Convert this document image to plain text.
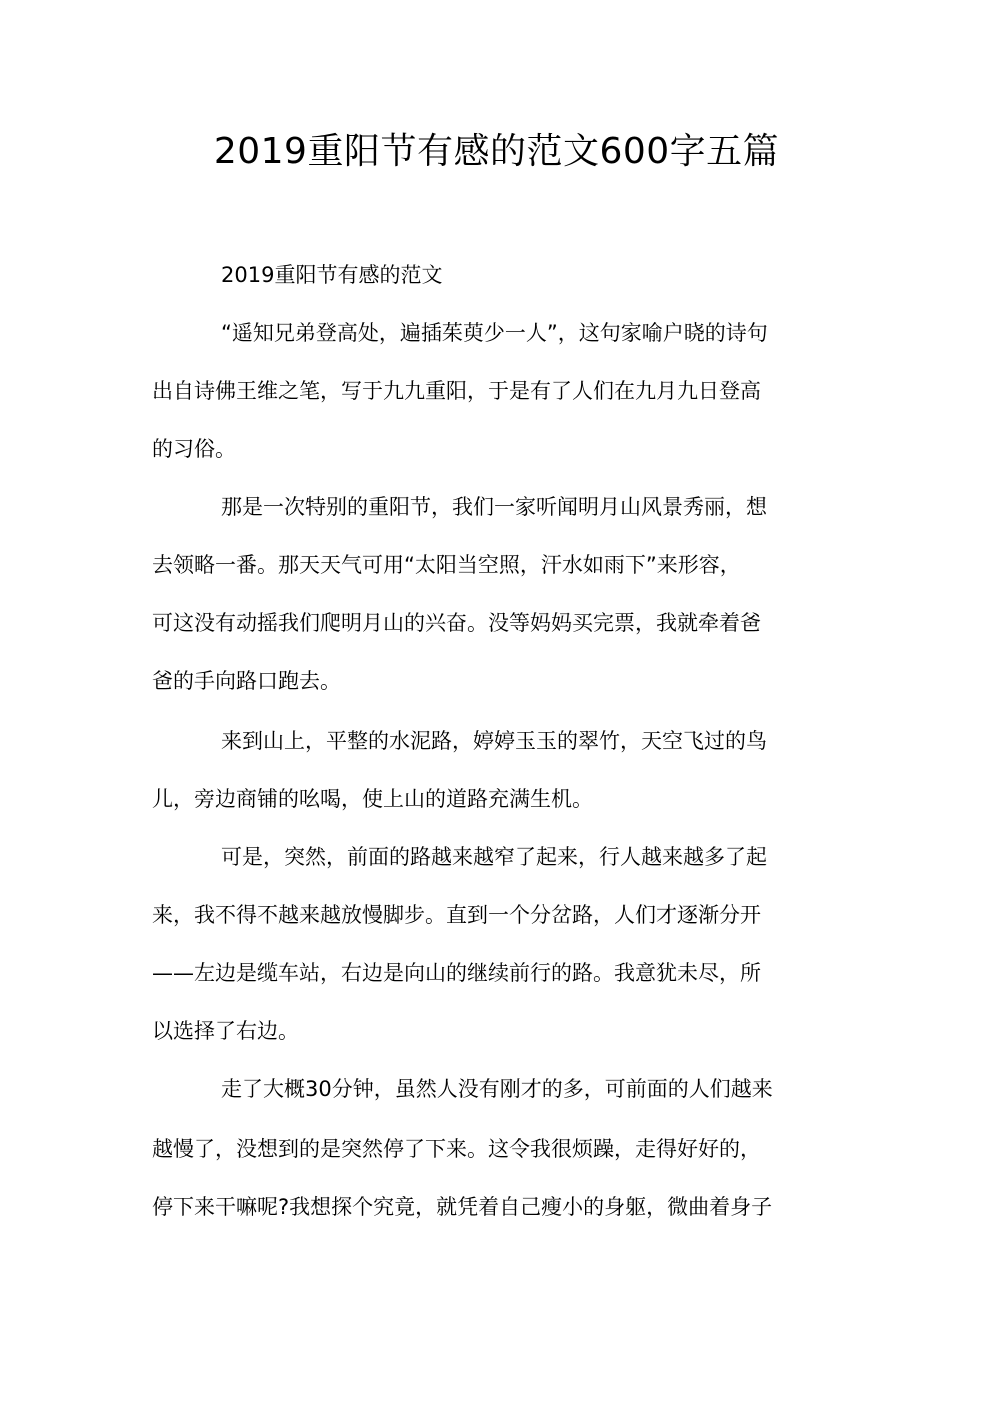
2019重阳节有感的范文600字五篇

2019重阳节有感的范文

“遥知兄弟登高处，遍插茱萸少一人”，这句家喻户晓的诗句

出自诗佛王维之笔，写于九九重阳，于是有了人们在九月九日登高

的习俗。

那是一次特别的重阳节，我们一家听闻明月山风景秀丽，想

去领略一番。那天天气可用“太阳当空照，汗水如雨下”来形容，

可这没有动摇我们爬明月山的兴奋。没等妈妈买完票，我就牵着爸

爸的手向路口跑去。

来到山上，平整的水泥路，婷婷玉玉的翠竹，天空飞过的鸟

儿，旁边商铺的吆喝，使上山的道路充满生机。

可是，突然，前面的路越来越窄了起来，行人越来越多了起

来，我不得不越来越放慢脚步。直到一个分岔路，人们才逐渐分开

——左边是缆车站，右边是向山的继续前行的路。我意犹未尽，所

以选择了右边。

走了大概30分钟，虽然人没有刚才的多，可前面的人们越来

越慢了，没想到的是突然停了下来。这令我很烦躁，走得好好的，

停下来干嘛呢?我想探个究竟，就凭着自己瘦小的身躯，微曲着身子
